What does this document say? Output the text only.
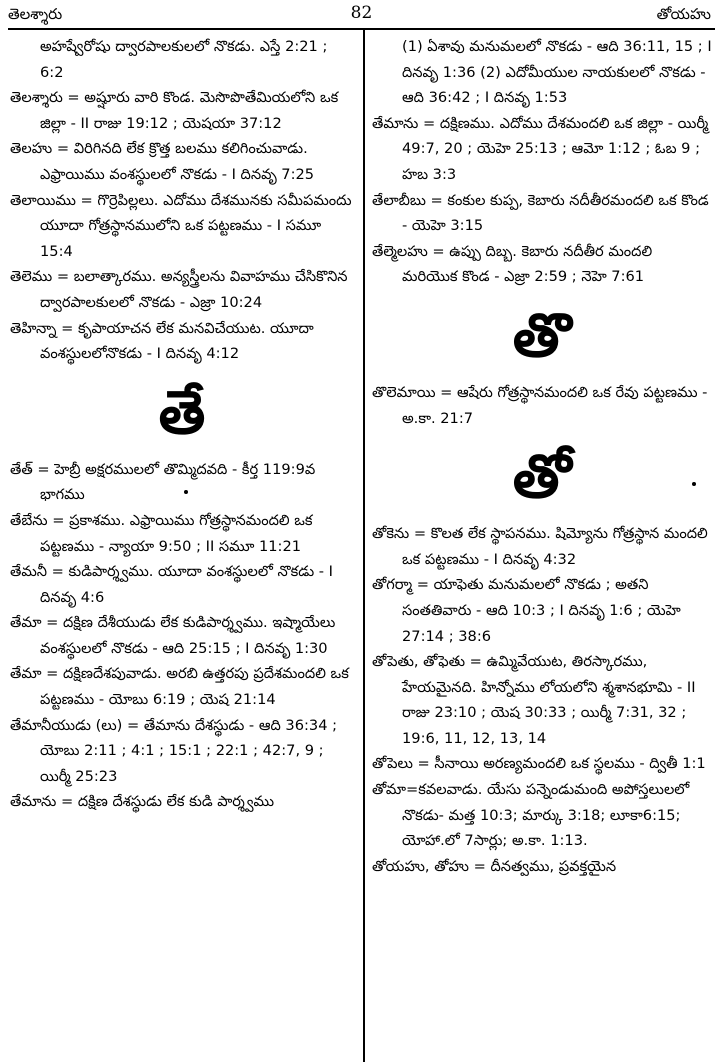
తెలశ్శారు	82	తోయహు

అహష్వేరోషు ద్వారపాలకులలో నొకడు. ఎస్తే 2:21 ; 6:2

తెలశ్శారు = అష్షూరు వారి కొండ. మెసొపొతేమియలోని ఒక జిల్లా - II రాజు 19:12 ; యెషయా 37:12

తెలహు = విరిగినది లేక క్రొత్త బలము కలిగించువాడు. ఎఫ్రాయిము వంశస్థులలో నొకడు - I దినవృ 7:25

తెలాయిము = గొర్రెపిల్లలు. ఎదోము దేశమునకు సమీపమందు యూదా గోత్రస్థానములోని ఒక పట్టణము - I సమూ 15:4

తెలెము = బలాత్కారము. అన్యస్త్రీలను వివాహము చేసికొనిన ద్వారపాలకులలో నొకడు - ఎజ్రా 10:24

తెహిన్నా = కృపాయాచన లేక మనవిచేయుట. యూదా వంశస్థులలోనొకడు - I దినవృ 4:12

తే

తేత్ = హెబ్రీ అక్షరములలో తొమ్మిదవది - కీర్త 119:9వ భాగము

తేబేను = ప్రకాశము. ఎఫ్రాయిము గోత్రస్థానమందలి ఒక పట్టణము - న్యాయా 9:50 ; II సమూ 11:21

తేమనీ = కుడిపార్శ్వము. యూదా వంశస్థులలో నొకడు - I దినవృ 4:6

తేమా = దక్షిణ దేశీయుడు లేక కుడిపార్శ్వము. ఇష్మాయేలు వంశస్థులలో నొకడు - ఆది 25:15 ; I దినవృ 1:30

తేమా = దక్షిణదేశపువాడు. అరబి ఉత్తరపు ప్రదేశమందలి ఒక పట్టణము - యోబు 6:19 ; యెష 21:14

తేమానీయుడు (లు) = తేమాను దేశస్థుడు - ఆది 36:34 ; యోబు 2:11 ; 4:1 ; 15:1 ; 22:1 ; 42:7, 9 ; యిర్మీ 25:23

తేమాను = దక్షిణ దేశస్థుడు లేక కుడి పార్శ్వము

(1) ఏశావు మనుమలలో నొకడు - ఆది 36:11, 15 ; I దినవృ 1:36 (2) ఎదోమీయుల నాయకులలో నొకడు - ఆది 36:42 ; I దినవృ 1:53

తేమాను = దక్షిణము. ఎదోము దేశమందలి ఒక జిల్లా - యిర్మీ 49:7, 20 ; యెహె 25:13 ; ఆమో 1:12 ; ఓబ 9 ; హబ 3:3

తేలాబీబు = కంకుల కుప్ప, కెబారు నదీతీరమందలి ఒక కొండ - యెహె 3:15

తేల్మెలహు = ఉప్పు దిబ్బ. కెబారు నదీతీర మందలి మరియొక కొండ - ఎజ్రా 2:59 ; నెహె 7:61

తొ

తొలెమాయి = ఆషేరు గోత్రస్థానమందలి ఒక రేవు పట్టణము - అ.కా. 21:7

తో

తోకెను = కొలత లేక స్థాపనము. షిమ్యోను గోత్రస్థాన మందలి ఒక పట్టణము - I దినవృ 4:32

తోగర్మా = యాఫెతు మనుమలలో నొకడు ; అతని సంతతివారు - ఆది 10:3 ; I దినవృ 1:6 ; యెహె 27:14 ; 38:6

తోపెతు, తోఫెతు = ఉమ్మివేయుట, తిరస్కారము, హేయమైనది. హిన్నోము లోయలోని శ్మశానభూమి - II రాజు 23:10 ; యెష 30:33 ; యిర్మీ 7:31, 32 ; 19:6, 11, 12, 13, 14

తోపెలు = సీనాయి అరణ్యమందలి ఒక స్థలము - ద్వితీ 1:1

తోమా=కవలవాడు. యేసు పన్నెండుమంది అపోస్తలులలో నొకడు- మత్త 10:3; మార్కు 3:18; లూకా6:15; యోహా.లో 7సార్లు; అ.కా. 1:13.

తోయహు, తోహు = దీనత్వము, ప్రవక్తయైన
